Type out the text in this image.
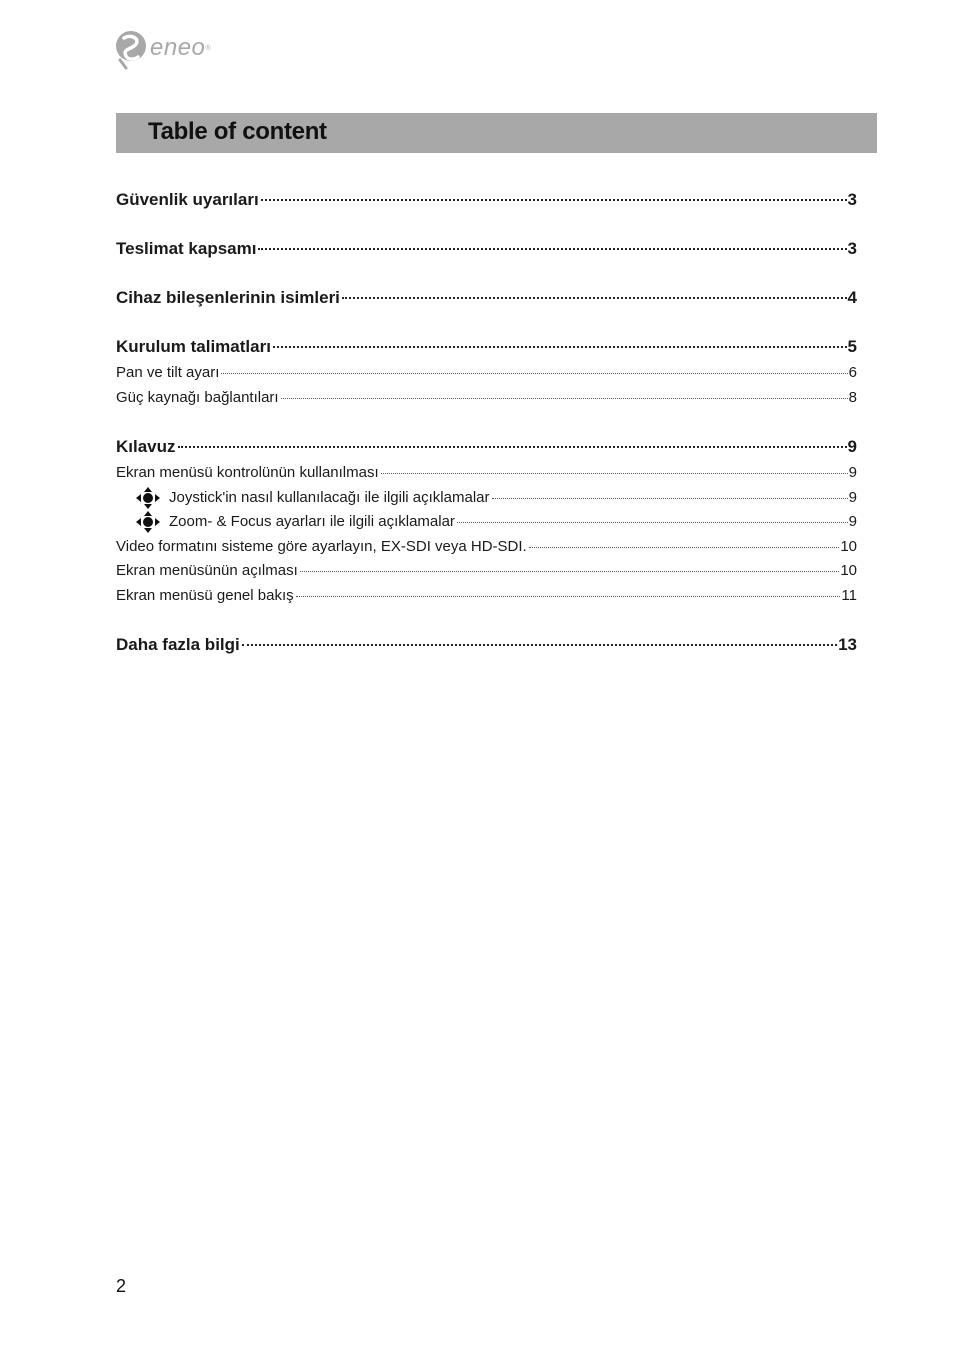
eneo ®
Table of content
Güvenlik uyarıları	3
Teslimat kapsamı	3
Cihaz bileşenlerinin isimleri	4
Kurulum talimatları	5
Pan ve tilt ayarı	6
Güç kaynağı bağlantıları	8
Kılavuz	9
Ekran menüsü kontrolünün kullanılması	9
Joystick'in nasıl kullanılacağı ile ilgili açıklamalar	9
Zoom- & Focus ayarları ile ilgili açıklamalar	9
Video formatını sisteme göre ayarlayın, EX-SDI veya HD-SDI.	10
Ekran menüsünün açılması	10
Ekran menüsü genel bakış	11
Daha fazla bilgi	13
2
